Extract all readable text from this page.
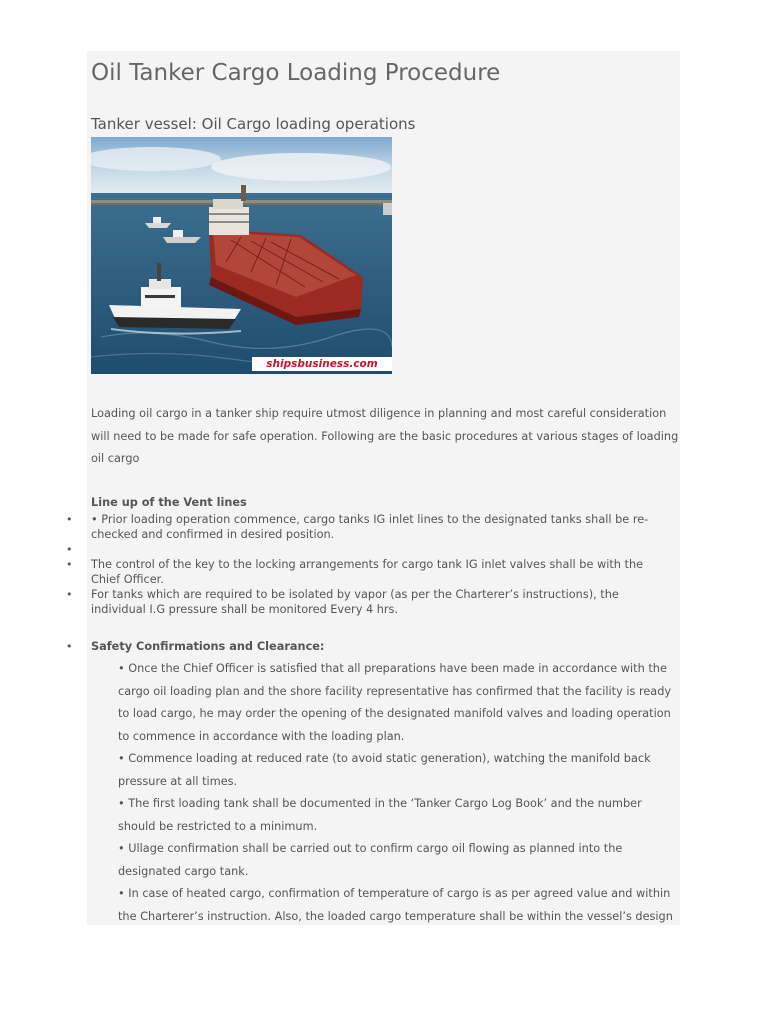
Oil Tanker Cargo Loading Procedure
Tanker vessel: Oil Cargo loading operations
shipsbusiness.com

Loading oil cargo in a tanker ship require utmost diligence in planning and most careful consideration will need to be made for safe operation. Following are the basic procedures at various stages of loading oil cargo

Line up of the Vent lines
• • Prior loading operation commence, cargo tanks IG inlet lines to the designated tanks shall be re-checked and confirmed in desired position.

•

• The control of the key to the locking arrangements for cargo tank IG inlet valves shall be with the Chief Officer.

• For tanks which are required to be isolated by vapor (as per the Charterer’s instructions), the individual I.G pressure shall be monitored Every 4 hrs.

• Safety Confirmations and Clearance:

• Once the Chief Officer is satisfied that all preparations have been made in accordance with the cargo oil loading plan and the shore facility representative has confirmed that the facility is ready to load cargo, he may order the opening of the designated manifold valves and loading operation to commence in accordance with the loading plan.

• Commence loading at reduced rate (to avoid static generation), watching the manifold back pressure at all times.

• The first loading tank shall be documented in the ‘Tanker Cargo Log Book’ and the number should be restricted to a minimum.

• Ullage confirmation shall be carried out to confirm cargo oil flowing as planned into the designated cargo tank.

• In case of heated cargo, confirmation of temperature of cargo is as per agreed value and within the Charterer’s instruction. Also, the loaded cargo temperature shall be within the vessel’s design
